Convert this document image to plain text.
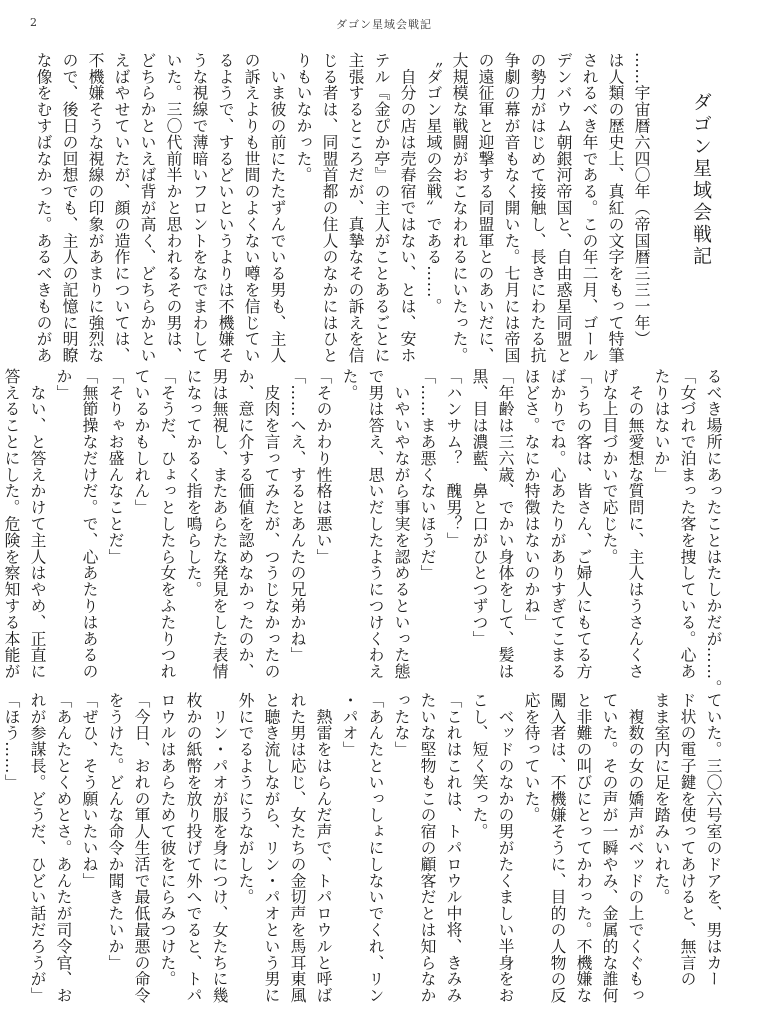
2	ダゴン星域会戦記
ダゴン星域会戦記
……宇宙暦六四〇年（帝国暦三三一年）
は人類の歴史上、真紅の文字をもって特筆
されるべき年である。この年二月、ゴール
デンバウム朝銀河帝国と、自由惑星同盟と
の勢力がはじめて接触し、長きにわたる抗
争劇の幕が音もなく開いた。七月には帝国
の遠征軍と迎撃する同盟軍とのあいだに、
大規模な戦闘がおこなわれるにいたった。
〝ダゴン星域の会戦〟である……。
　自分の店は売春宿ではない、とは、安ホ
テル『金ぴか亭』の主人がことあるごとに
主張するところだが、真摯なその訴えを信
じる者は、同盟首都の住人のなかにはひと
りもいなかった。
　いま彼の前にたたずんでいる男も、主人
の訴えよりも世間のよくない噂を信じてい
るようで、するどいというよりは不機嫌そ
うな視線で薄暗いフロントをなでまわして
いた。三〇代前半かと思われるその男は、
どちらかといえば背が高く、どちらかとい
えばやせていたが、顔の造作については、
不機嫌そうな視線の印象があまりに強烈な
ので、後日の回想でも、主人の記憶に明瞭
な像をむすばなかった。あるべきものがあ
るべき場所にあったことはたしかだが……。
「女づれで泊まった客を捜している。心あ
たりはないか」
　その無愛想な質問に、主人はうさんくさ
げな上目づかいで応じた。
「うちの客は、皆さん、ご婦人にもてる方
ばかりでね。心あたりがありすぎてこまる
ほどさ。なにか特徴はないのかね」
「年齢は三六歳、でかい身体をして、髪は
黒、目は濃藍、鼻と口がひとつずつ」
「ハンサム？　醜男？」
「……まあ悪くないほうだ」
　いやいやながら事実を認めるといった態
で男は答え、思いだしたようにつけくわえ
た。
「そのかわり性格は悪い」
「……へえ、するとあんたの兄弟かね」
　皮肉を言ってみたが、つうじなかったの
か、意に介する価値を認めなかったのか、
男は無視し、またあらたな発見をした表情
になってかるく指を鳴らした。
「そうだ、ひょっとしたら女をふたりつれ
ているかもしれん」
「そりゃお盛んなことだ」
「無節操なだけだ。で、心あたりはあるの
か」
　ない、と答えかけて主人はやめ、正直に
答えることにした。危険を察知する本能が
ていた。三〇六号室のドアを、男はカー
ド状の電子鍵を使ってあけると、無言の
まま室内に足を踏みいれた。
　複数の女の嬌声がベッドの上でくぐもっ
ていた。その声が一瞬やみ、金属的な誰何
と非難の叫びにとってかわった。不機嫌な
闖入者は、不機嫌そうに、目的の人物の反
応を待っていた。
　ベッドのなかの男がたくましい半身をお
こし、短く笑った。
「これはこれは、トパロウル中将、きみみ
たいな堅物もこの宿の顧客だとは知らなか
ったな」
「あんたといっしょにしないでくれ、リン
・パオ」
　熱雷をはらんだ声で、トパロウルと呼ば
れた男は応じ、女たちの金切声を馬耳東風
と聴き流しながら、リン・パオという男に
外にでるようにうながした。
　リン・パオが服を身につけ、女たちに幾
枚かの紙幣を放り投げて外へでると、トパ
ロウルはあらためて彼をにらみつけた。
「今日、おれの軍人生活で最低最悪の命令
をうけた。どんな命令か聞きたいか」
「ぜひ、そう願いたいね」
「あんたとくめとさ。あんたが司令官、お
れが参謀長。どうだ、ひどい話だろうが」
「ほう……」
